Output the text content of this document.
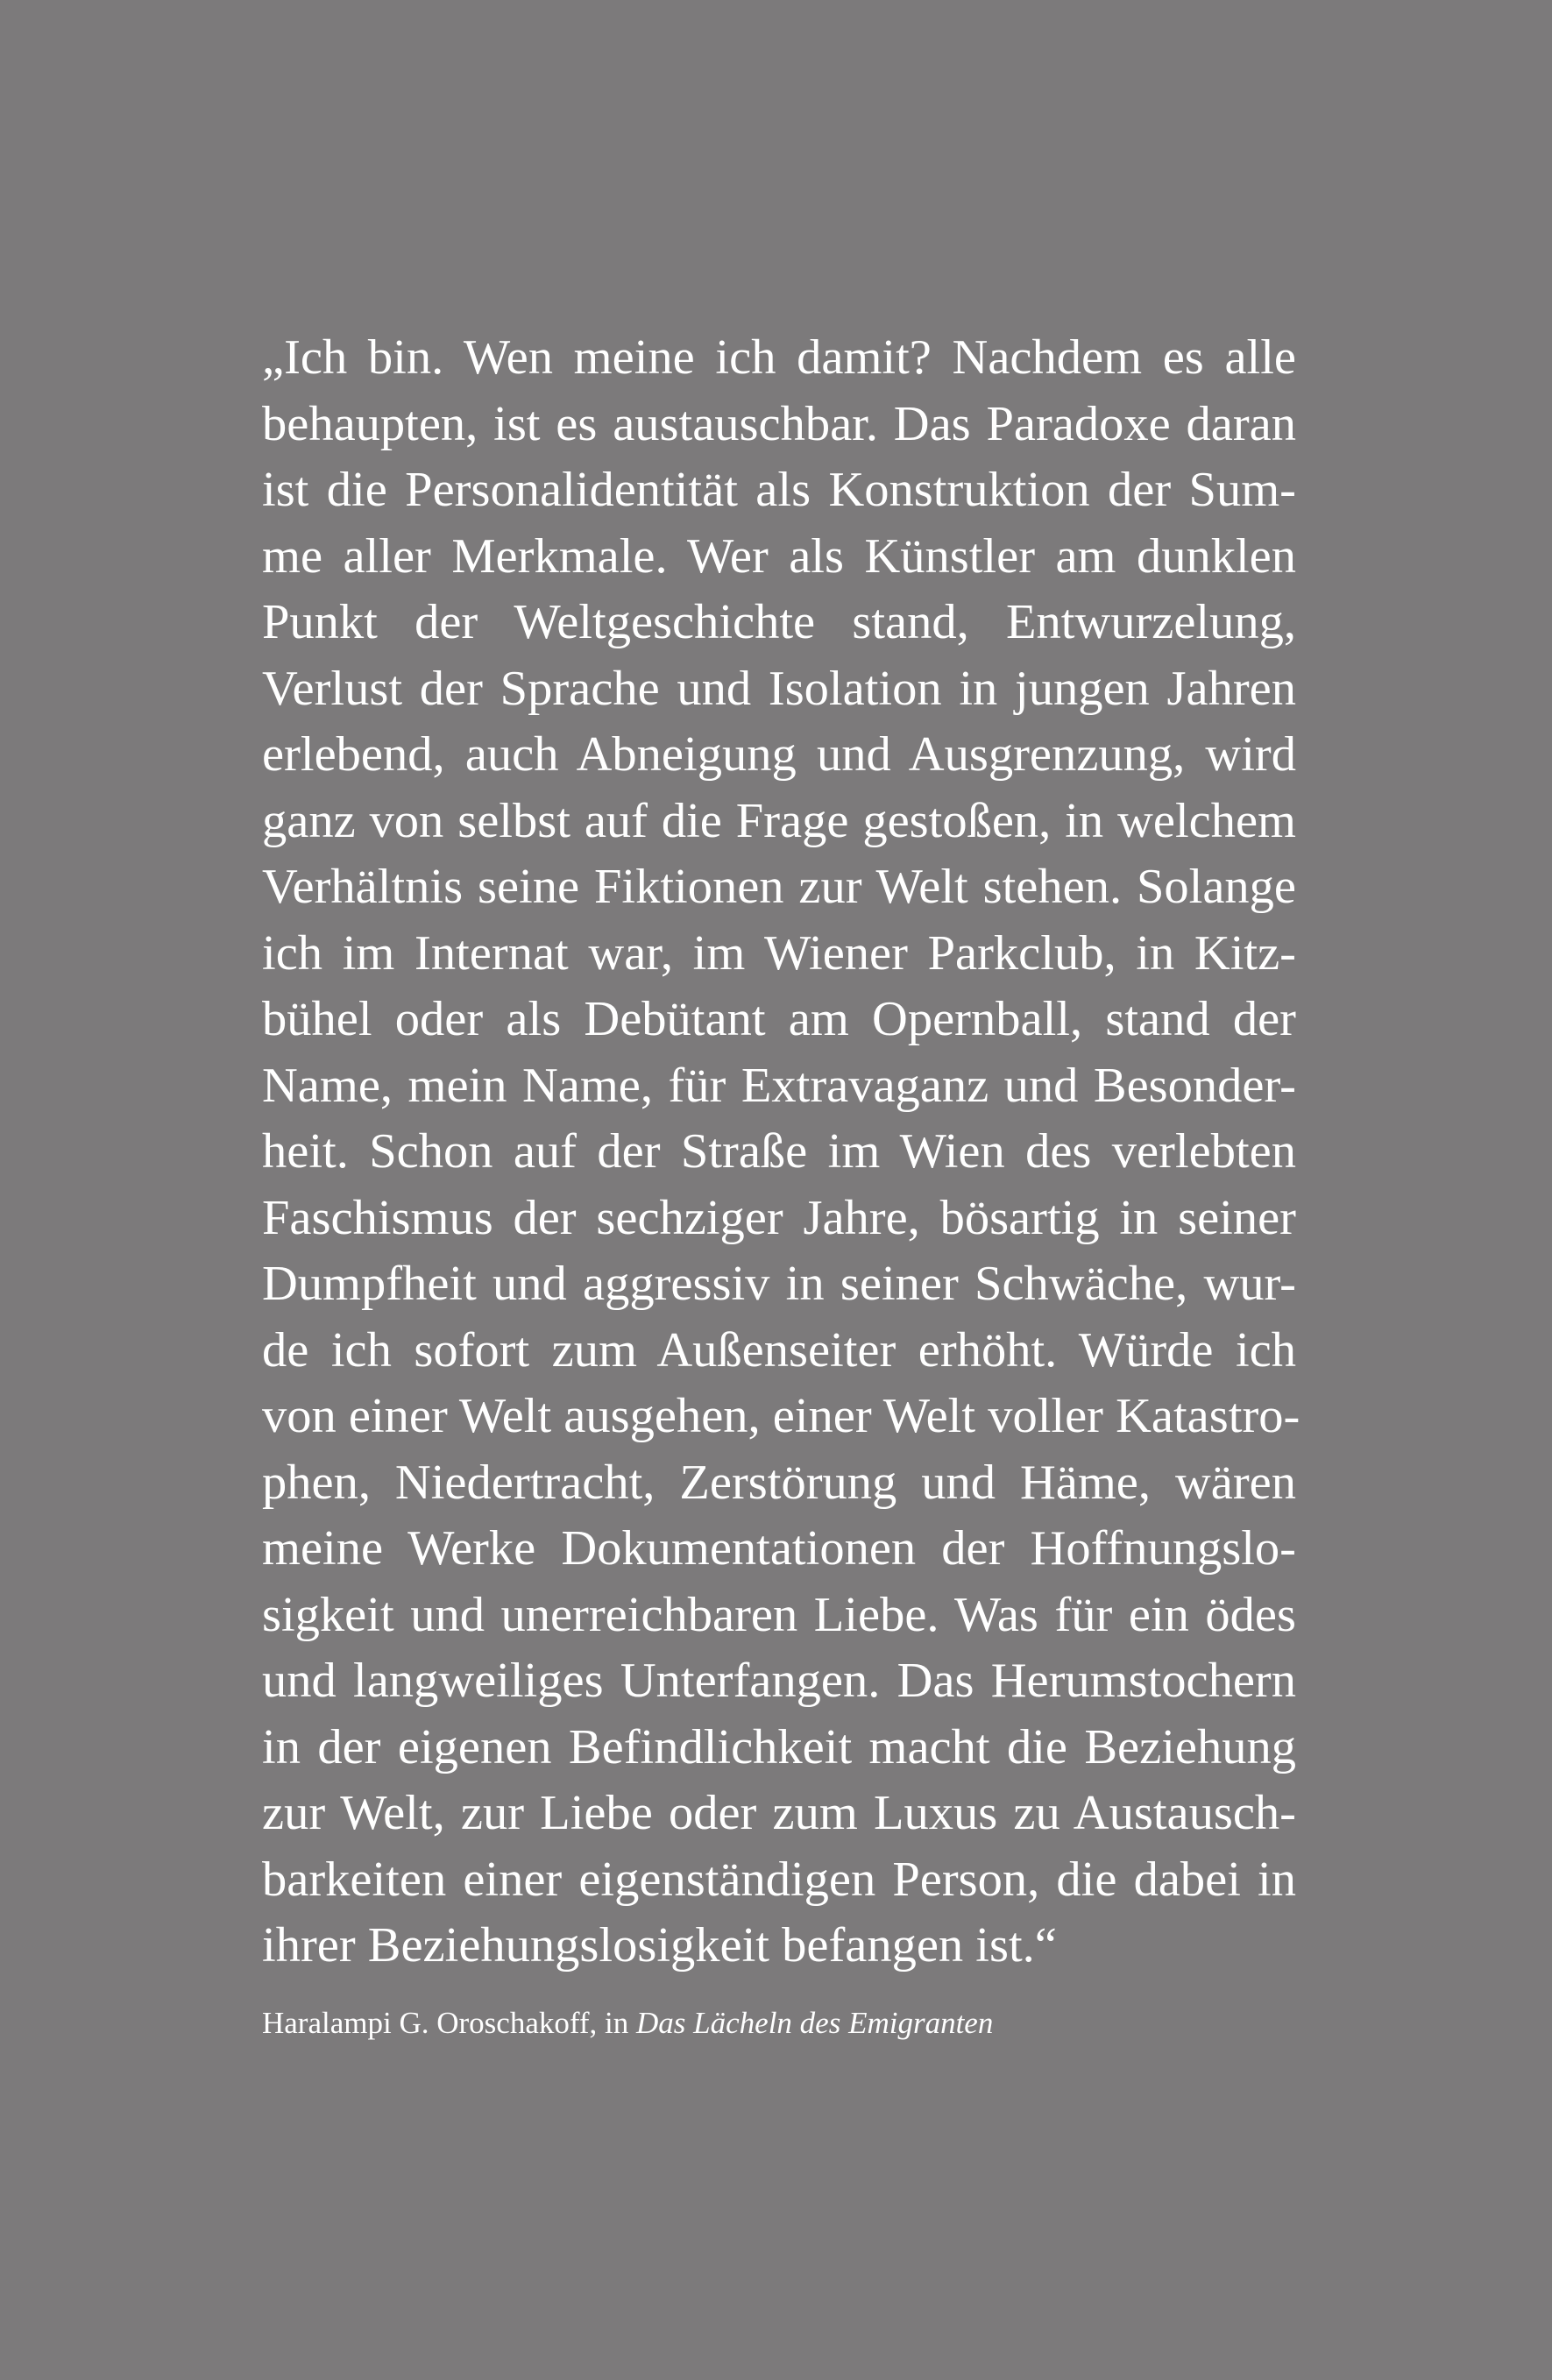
„Ich bin. Wen meine ich damit? Nachdem es alle
behaupten, ist es austauschbar. Das Paradoxe daran
ist die Personalidentität als Konstruktion der Sum-
me aller Merkmale. Wer als Künstler am dunklen
Punkt der Weltgeschichte stand, Entwurzelung,
Verlust der Sprache und Isolation in jungen Jahren
erlebend, auch Abneigung und Ausgrenzung, wird
ganz von selbst auf die Frage gestoßen, in welchem
Verhältnis seine Fiktionen zur Welt stehen. Solange
ich im Internat war, im Wiener Parkclub, in Kitz-
bühel oder als Debütant am Opernball, stand der
Name, mein Name, für Extravaganz und Besonder-
heit. Schon auf der Straße im Wien des verlebten
Faschismus der sechziger Jahre, bösartig in seiner
Dumpfheit und aggressiv in seiner Schwäche, wur-
de ich sofort zum Außenseiter erhöht. Würde ich
von einer Welt ausgehen, einer Welt voller Katastro-
phen, Niedertracht, Zerstörung und Häme, wären
meine Werke Dokumentationen der Hoffnungslo-
sigkeit und unerreichbaren Liebe. Was für ein ödes
und langweiliges Unterfangen. Das Herumstochern
in der eigenen Befindlichkeit macht die Beziehung
zur Welt, zur Liebe oder zum Luxus zu Austausch-
barkeiten einer eigenständigen Person, die dabei in
ihrer Beziehungslosigkeit befangen ist.“
Haralampi G. Oroschakoff, in Das Lächeln des Emigranten
